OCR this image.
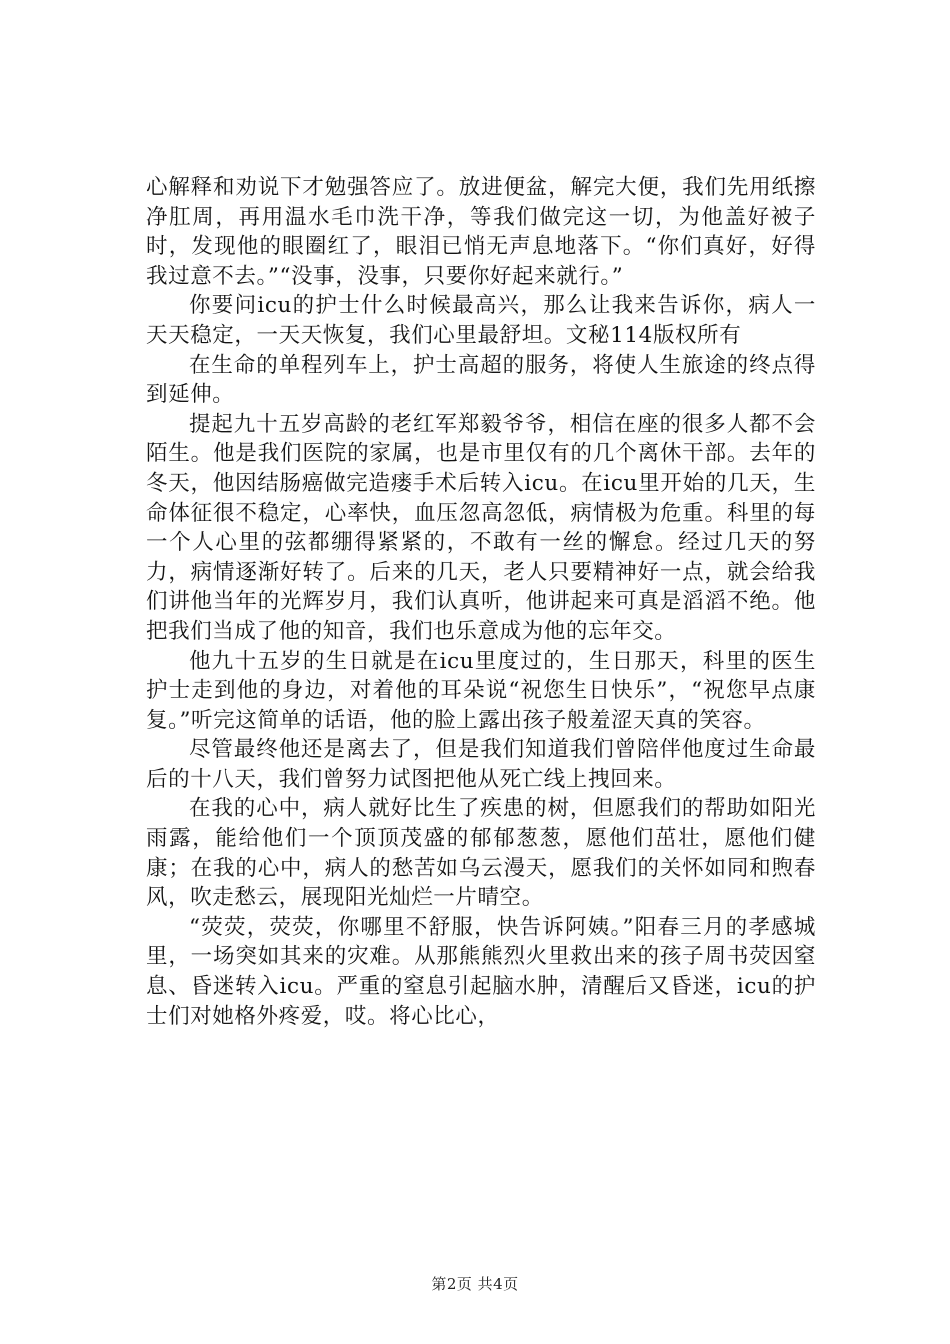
心解释和劝说下才勉强答应了。放进便盆，解完大便，我们先用纸擦净肛周，再用温水毛巾洗干净，等我们做完这一切，为他盖好被子时，发现他的眼圈红了，眼泪已悄无声息地落下。“你们真好，好得我过意不去。”“没事，没事，只要你好起来就行。”

你要问icu的护士什么时候最高兴，那么让我来告诉你，病人一天天稳定，一天天恢复，我们心里最舒坦。文秘114版权所有

在生命的单程列车上，护士高超的服务，将使人生旅途的终点得到延伸。

提起九十五岁高龄的老红军郑毅爷爷，相信在座的很多人都不会陌生。他是我们医院的家属，也是市里仅有的几个离休干部。去年的冬天，他因结肠癌做完造瘘手术后转入icu。在icu里开始的几天，生命体征很不稳定，心率快，血压忽高忽低，病情极为危重。科里的每一个人心里的弦都绷得紧紧的，不敢有一丝的懈怠。经过几天的努力，病情逐渐好转了。后来的几天，老人只要精神好一点，就会给我们讲他当年的光辉岁月，我们认真听，他讲起来可真是滔滔不绝。他把我们当成了他的知音，我们也乐意成为他的忘年交。

他九十五岁的生日就是在icu里度过的，生日那天，科里的医生护士走到他的身边，对着他的耳朵说“祝您生日快乐”，“祝您早点康复。”听完这简单的话语，他的脸上露出孩子般羞涩天真的笑容。

尽管最终他还是离去了，但是我们知道我们曾陪伴他度过生命最后的十八天，我们曾努力试图把他从死亡线上拽回来。

在我的心中，病人就好比生了疾患的树，但愿我们的帮助如阳光雨露，能给他们一个顶顶茂盛的郁郁葱葱，愿他们茁壮，愿他们健康；在我的心中，病人的愁苦如乌云漫天，愿我们的关怀如同和煦春风，吹走愁云，展现阳光灿烂一片晴空。

“荧荧，荧荧，你哪里不舒服，快告诉阿姨。”阳春三月的孝感城里，一场突如其来的灾难。从那熊熊烈火里救出来的孩子周书荧因窒息、昏迷转入icu。严重的窒息引起脑水肿，清醒后又昏迷，icu的护士们对她格外疼爱，哎。将心比心，

第2页 共4页
